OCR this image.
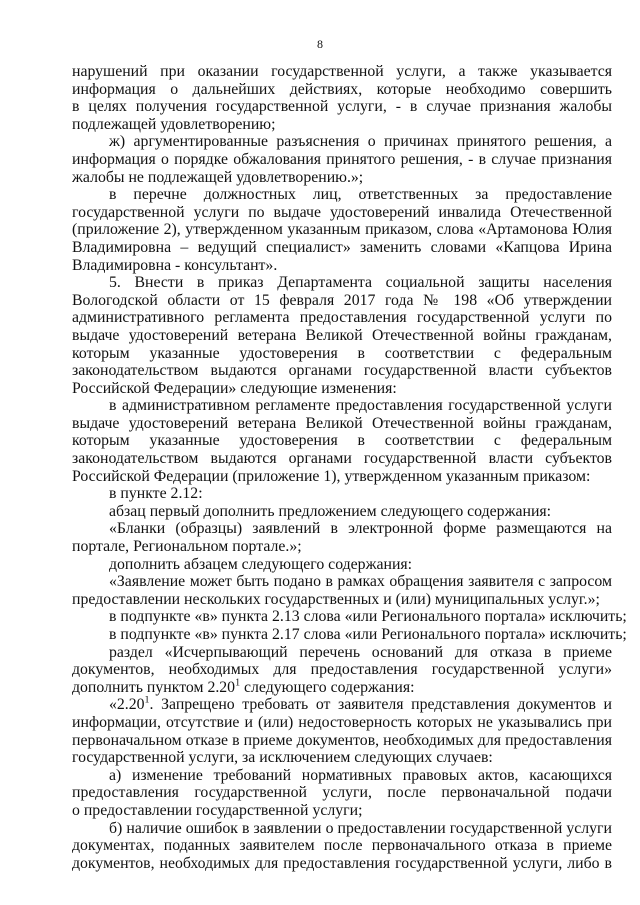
8
нарушений при оказании государственной услуги, а также указывается
информация о дальнейших действиях, которые необходимо совершить
в целях получения государственной услуги, - в случае признания жалобы
подлежащей удовлетворению;
ж) аргументированные разъяснения о причинах принятого решения, а
информация о порядке обжалования принятого решения, - в случае признания
жалобы не подлежащей удовлетворению.»;
в перечне должностных лиц, ответственных за предоставление
государственной услуги по выдаче удостоверений инвалида Отечественной
(приложение 2), утвержденном указанным приказом, слова «Артамонова Юлия
Владимировна – ведущий специалист» заменить словами «Капцова Ирина
Владимировна - консультант».
5. Внести в приказ Департамента социальной защиты населения
Вологодской области от 15 февраля 2017 года № 198 «Об утверждении
административного регламента предоставления государственной услуги по
выдаче удостоверений ветерана Великой Отечественной войны гражданам,
которым указанные удостоверения в соответствии с федеральным
законодательством выдаются органами государственной власти субъектов
Российской Федерации» следующие изменения:
в административном регламенте предоставления государственной услуги
выдаче удостоверений ветерана Великой Отечественной войны гражданам,
которым указанные удостоверения в соответствии с федеральным
законодательством выдаются органами государственной власти субъектов
Российской Федерации (приложение 1), утвержденном указанным приказом:
в пункте 2.12:
абзац первый дополнить предложением следующего содержания:
«Бланки (образцы) заявлений в электронной форме размещаются на
портале, Региональном портале.»;
дополнить абзацем следующего содержания:
«Заявление может быть подано в рамках обращения заявителя с запросом
предоставлении нескольких государственных и (или) муниципальных услуг.»;
в подпункте «в» пункта 2.13 слова «или Регионального портала» исключить;
в подпункте «в» пункта 2.17 слова «или Регионального портала» исключить;
раздел «Исчерпывающий перечень оснований для отказа в приеме
документов, необходимых для предоставления государственной услуги»
дополнить пунктом 2.20$^1$ следующего содержания:
«2.20$^1$. Запрещено требовать от заявителя представления документов и
информации, отсутствие и (или) недостоверность которых не указывались при
первоначальном отказе в приеме документов, необходимых для предоставления
государственной услуги, за исключением следующих случаев:
а) изменение требований нормативных правовых актов, касающихся
предоставления государственной услуги, после первоначальной подачи
о предоставлении государственной услуги;
б) наличие ошибок в заявлении о предоставлении государственной услуги
документах, поданных заявителем после первоначального отказа в приеме
документов, необходимых для предоставления государственной услуги, либо в
